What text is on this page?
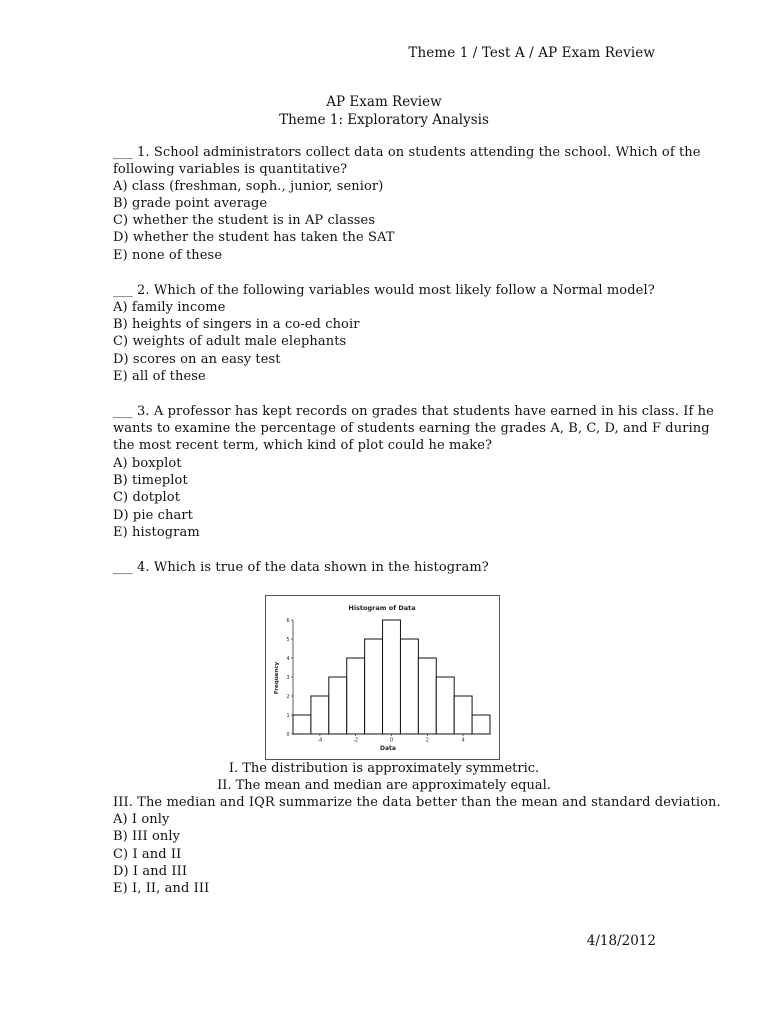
Theme 1 / Test A / AP Exam Review
AP Exam Review
Theme 1: Exploratory Analysis
___ 1. School administrators collect data on students attending the school. Which of the
following variables is quantitative?
A) class (freshman, soph., junior, senior)
B) grade point average
C) whether the student is in AP classes
D) whether the student has taken the SAT
E) none of these
___ 2. Which of the following variables would most likely follow a Normal model?
A) family income
B) heights of singers in a co-ed choir
C) weights of adult male elephants
D) scores on an easy test
E) all of these
___ 3. A professor has kept records on grades that students have earned in his class. If he
wants to examine the percentage of students earning the grades A, B, C, D, and F during
the most recent term, which kind of plot could he make?
A) boxplot
B) timeplot
C) dotplot
D) pie chart
E) histogram
___ 4. Which is true of the data shown in the histogram?
Histogram of Data
Data
Frequency
0
1
2
3
4
5
6
-4	-2	0	2	4
I. The distribution is approximately symmetric.
II. The mean and median are approximately equal.
III. The median and IQR summarize the data better than the mean and standard deviation.
A) I only
B) III only
C) I and II
D) I and III
E) I, II, and III
4/18/2012
